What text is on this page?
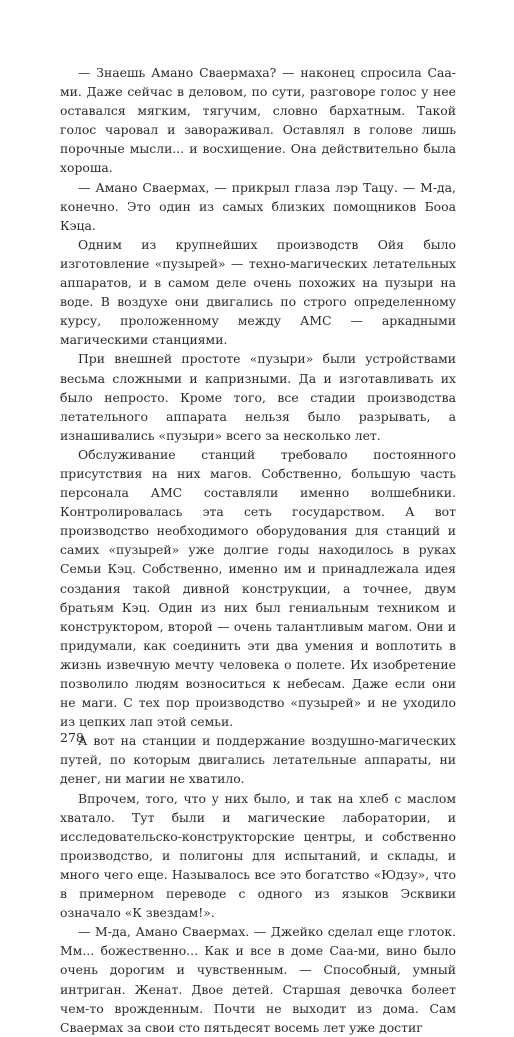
— Знаешь Амано Сваермаха? — наконец спросила Саа-ми. Даже сейчас в деловом, по сути, разговоре голос у нее оставался мягким, тягучим, словно бархатным. Такой голос чаровал и завораживал. Оставлял в голове лишь порочные мысли... и восхищение. Она действительно была хороша.

— Амано Сваермах, — прикрыл глаза лэр Тацу. — М-да, конечно. Это один из самых близких помощников Бооа Кэца.

Одним из крупнейших производств Ойя было изготовление «пузырей» — техно-магических летательных аппаратов, и в самом деле очень похожих на пузыри на воде. В воздухе они двигались по строго определенному курсу, проложенному между АМС — аркадными магическими станциями.

При внешней простоте «пузыри» были устройствами весьма сложными и капризными. Да и изготавливать их было непросто. Кроме того, все стадии производства летательного аппарата нельзя было разрывать, а изнашивались «пузыри» всего за несколько лет.

Обслуживание станций требовало постоянного присутствия на них магов. Собственно, большую часть персонала АМС составляли именно волшебники. Контролировалась эта сеть государством. А вот производство необходимого оборудования для станций и самих «пузырей» уже долгие годы находилось в руках Семьи Кэц. Собственно, именно им и принадлежала идея создания такой дивной конструкции, а точнее, двум братьям Кэц. Один из них был гениальным техником и конструктором, второй — очень талантливым магом. Они и придумали, как соединить эти два умения и воплотить в жизнь извечную мечту человека о полете. Их изобретение позволило людям возноситься к небесам. Даже если они не маги. С тех пор производство «пузырей» и не уходило из цепких лап этой семьи.

А вот на станции и поддержание воздушно-магических путей, по которым двигались летательные аппараты, ни денег, ни магии не хватило.

Впрочем, того, что у них было, и так на хлеб с маслом хватало. Тут были и магические лаборатории, и исследовательско-конструкторские центры, и собственно производство, и полигоны для испытаний, и склады, и много чего еще. Называлось все это богатство «Юдзу», что в примерном переводе с одного из языков Эсквики означало «К звездам!».

— М-да, Амано Сваермах. — Джейко сделал еще глоток. Мм... божественно... Как и все в доме Саа-ми, вино было очень дорогим и чувственным. — Способный, умный интриган. Женат. Двое детей. Старшая девочка болеет чем-то врожденным. Почти не выходит из дома. Сам Сваермах за свои сто пятьдесят восемь лет уже достиг

278
